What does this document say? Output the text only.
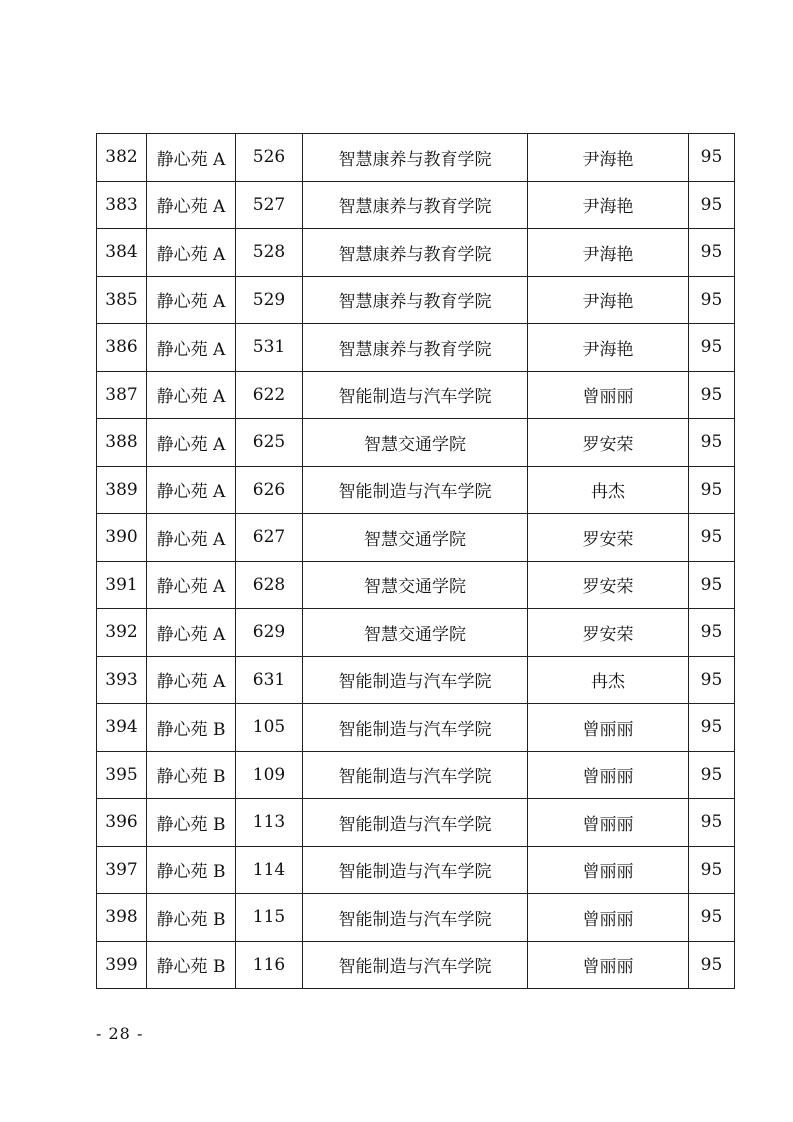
382	静心苑 A	526	智慧康养与教育学院	尹海艳	95
383	静心苑 A	527	智慧康养与教育学院	尹海艳	95
384	静心苑 A	528	智慧康养与教育学院	尹海艳	95
385	静心苑 A	529	智慧康养与教育学院	尹海艳	95
386	静心苑 A	531	智慧康养与教育学院	尹海艳	95
387	静心苑 A	622	智能制造与汽车学院	曾丽丽	95
388	静心苑 A	625	智慧交通学院	罗安荣	95
389	静心苑 A	626	智能制造与汽车学院	冉杰	95
390	静心苑 A	627	智慧交通学院	罗安荣	95
391	静心苑 A	628	智慧交通学院	罗安荣	95
392	静心苑 A	629	智慧交通学院	罗安荣	95
393	静心苑 A	631	智能制造与汽车学院	冉杰	95
394	静心苑 B	105	智能制造与汽车学院	曾丽丽	95
395	静心苑 B	109	智能制造与汽车学院	曾丽丽	95
396	静心苑 B	113	智能制造与汽车学院	曾丽丽	95
397	静心苑 B	114	智能制造与汽车学院	曾丽丽	95
398	静心苑 B	115	智能制造与汽车学院	曾丽丽	95
399	静心苑 B	116	智能制造与汽车学院	曾丽丽	95
- 28 -
